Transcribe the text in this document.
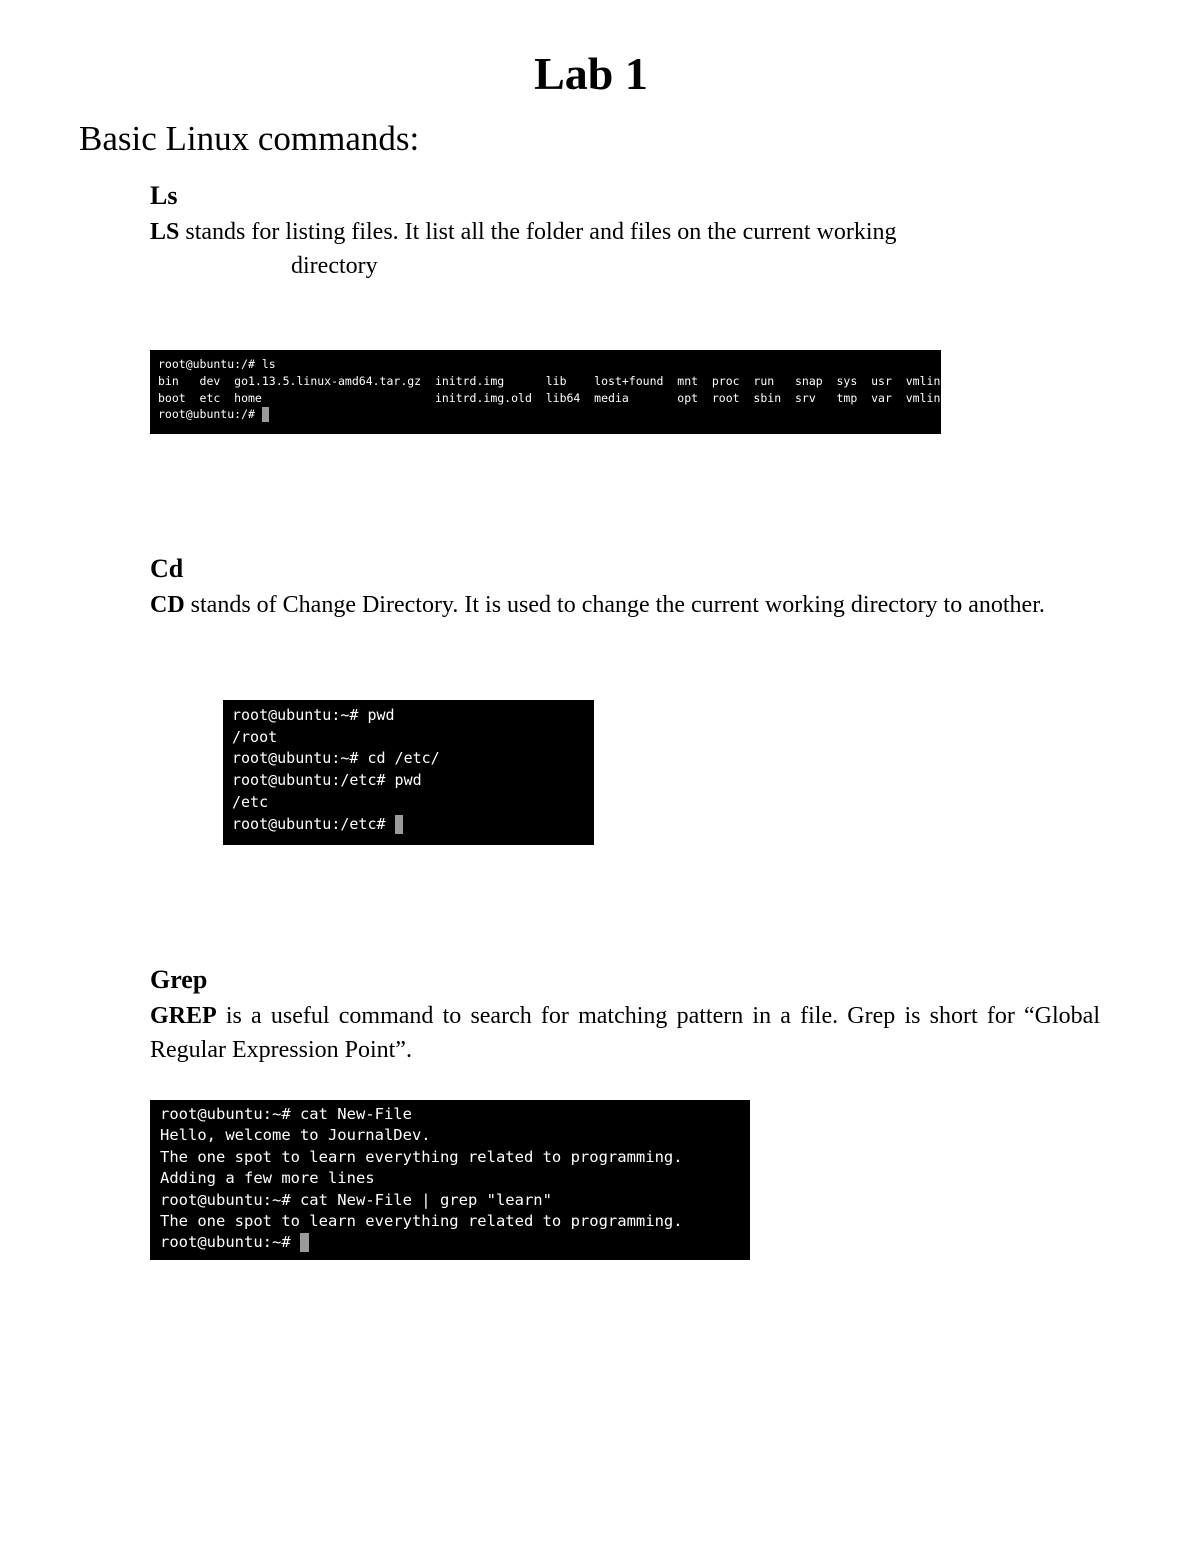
Lab 1
Basic Linux commands:
Ls
LS stands for listing files. It list all the folder and files on the current working
directory
root@ubuntu:/# ls
bin   dev  go1.13.5.linux-amd64.tar.gz  initrd.img      lib    lost+found  mnt  proc  run   snap  sys  usr  vmlinuz
boot  etc  home                         initrd.img.old  lib64  media       opt  root  sbin  srv   tmp  var  vmlinuz.old
root@ubuntu:/#
Cd
CD stands of Change Directory. It is used to change the current working directory to another.
root@ubuntu:~# pwd
/root
root@ubuntu:~# cd /etc/
root@ubuntu:/etc# pwd
/etc
root@ubuntu:/etc#
Grep
GREP is a useful command to search for matching pattern in a file. Grep is short for “Global Regular Expression Point”.
root@ubuntu:~# cat New-File
Hello, welcome to JournalDev.
The one spot to learn everything related to programming.
Adding a few more lines
root@ubuntu:~# cat New-File | grep "learn"
The one spot to learn everything related to programming.
root@ubuntu:~#
